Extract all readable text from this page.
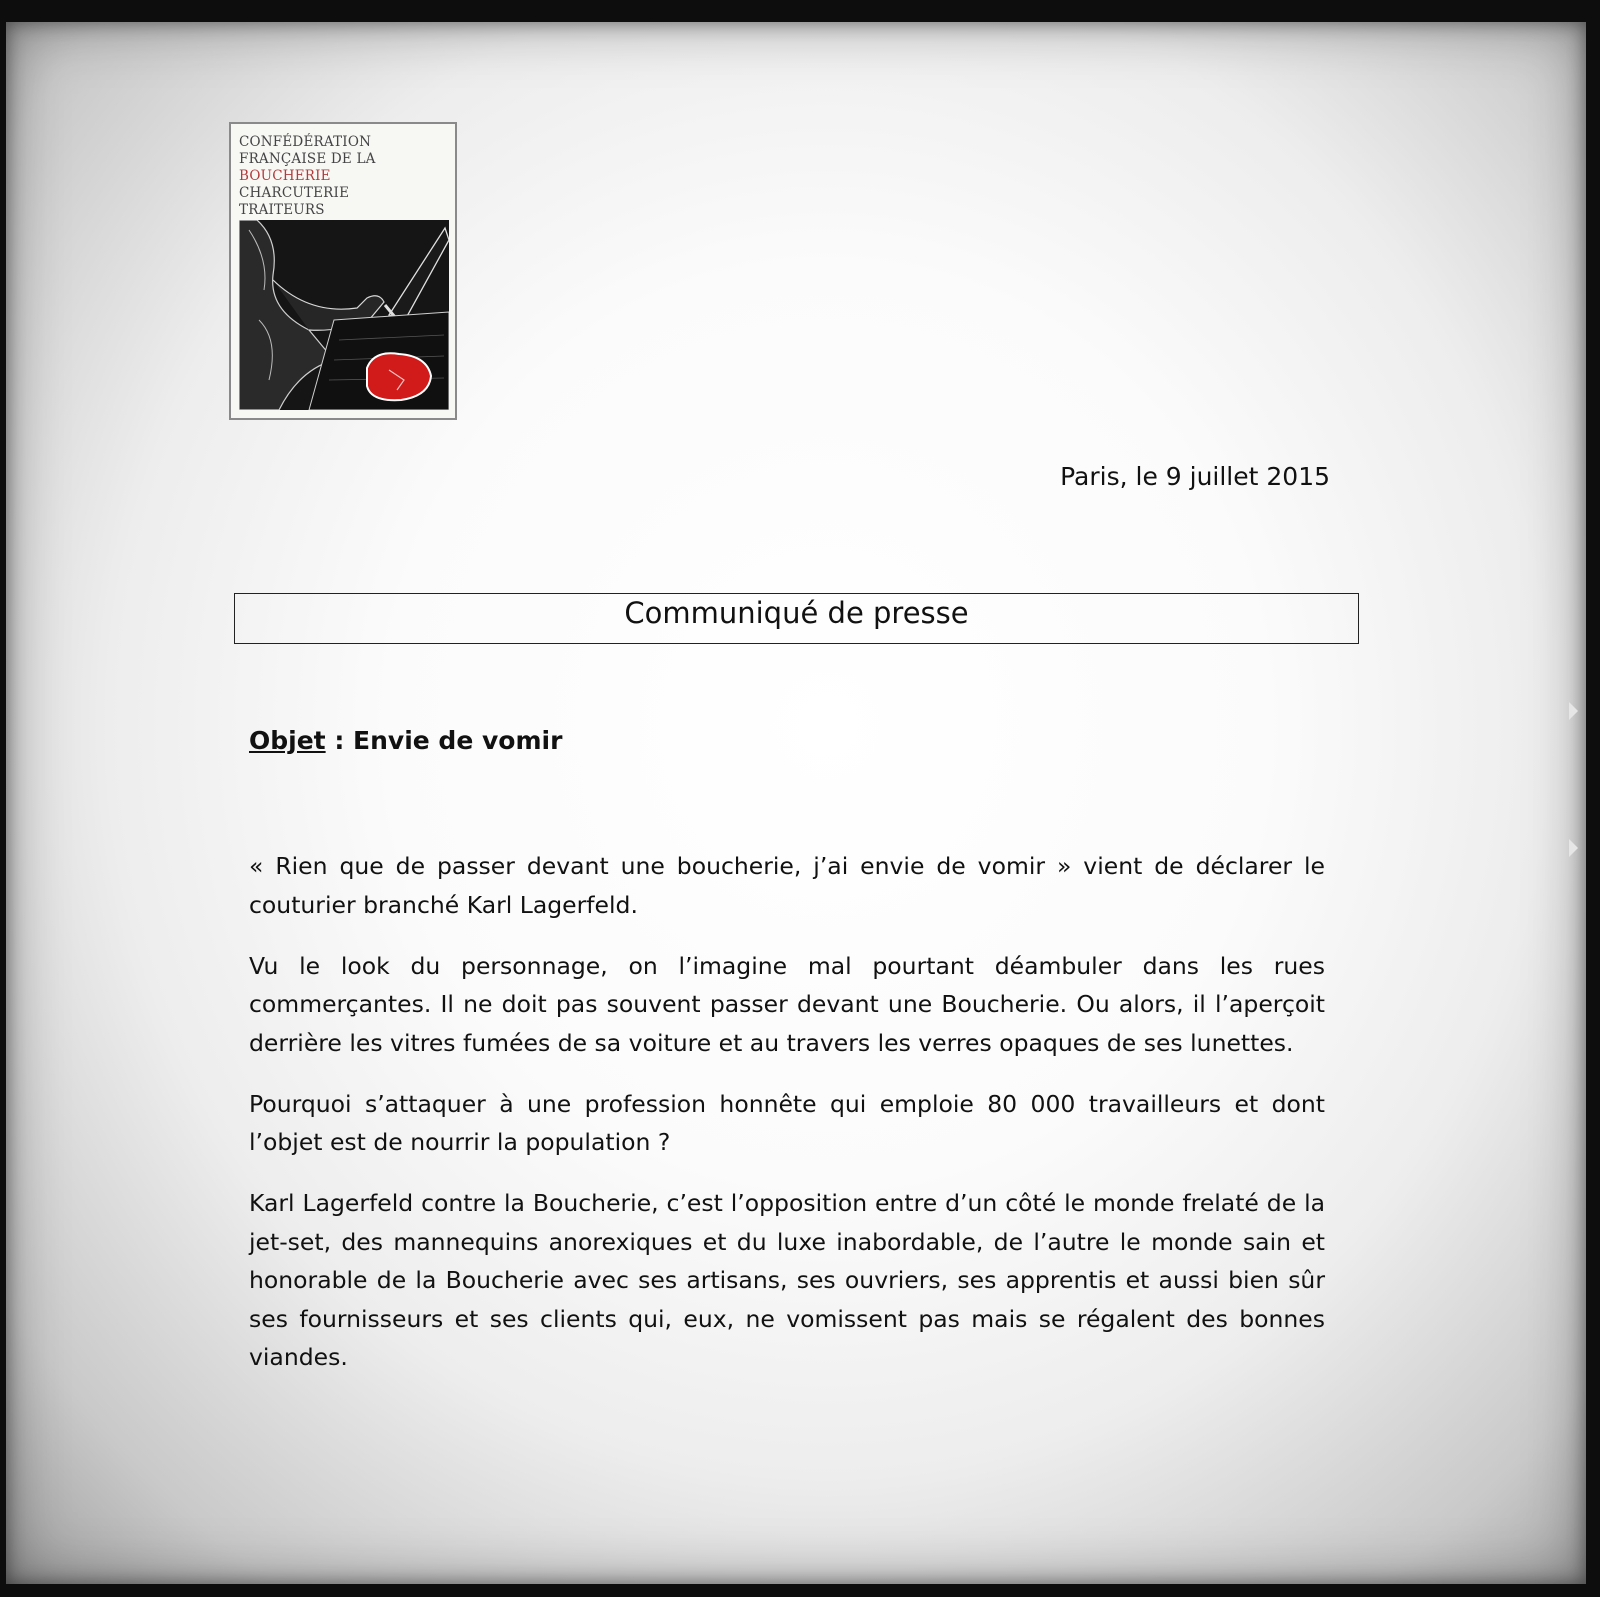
CONFÉDÉRATION
FRANÇAISE DE LA
BOUCHERIE
CHARCUTERIE
TRAITEURS
Paris, le 9 juillet 2015
Communiqué de presse
Objet : Envie de vomir

« Rien que de passer devant une boucherie, j’ai envie de vomir » vient de déclarer le couturier branché Karl Lagerfeld.

Vu le look du personnage, on l’imagine mal pourtant déambuler dans les rues commerçantes. Il ne doit pas souvent passer devant une Boucherie. Ou alors, il l’aperçoit derrière les vitres fumées de sa voiture et au travers les verres opaques de ses lunettes.

Pourquoi s’attaquer à une profession honnête qui emploie 80 000 travailleurs et dont l’objet est de nourrir la population ?

Karl Lagerfeld contre la Boucherie, c’est l’opposition entre d’un côté le monde frelaté de la jet-set, des mannequins anorexiques et du luxe inabordable, de l’autre le monde sain et honorable de la Boucherie avec ses artisans, ses ouvriers, ses apprentis et aussi bien sûr ses fournisseurs et ses clients qui, eux, ne vomissent pas mais se régalent des bonnes viandes.
